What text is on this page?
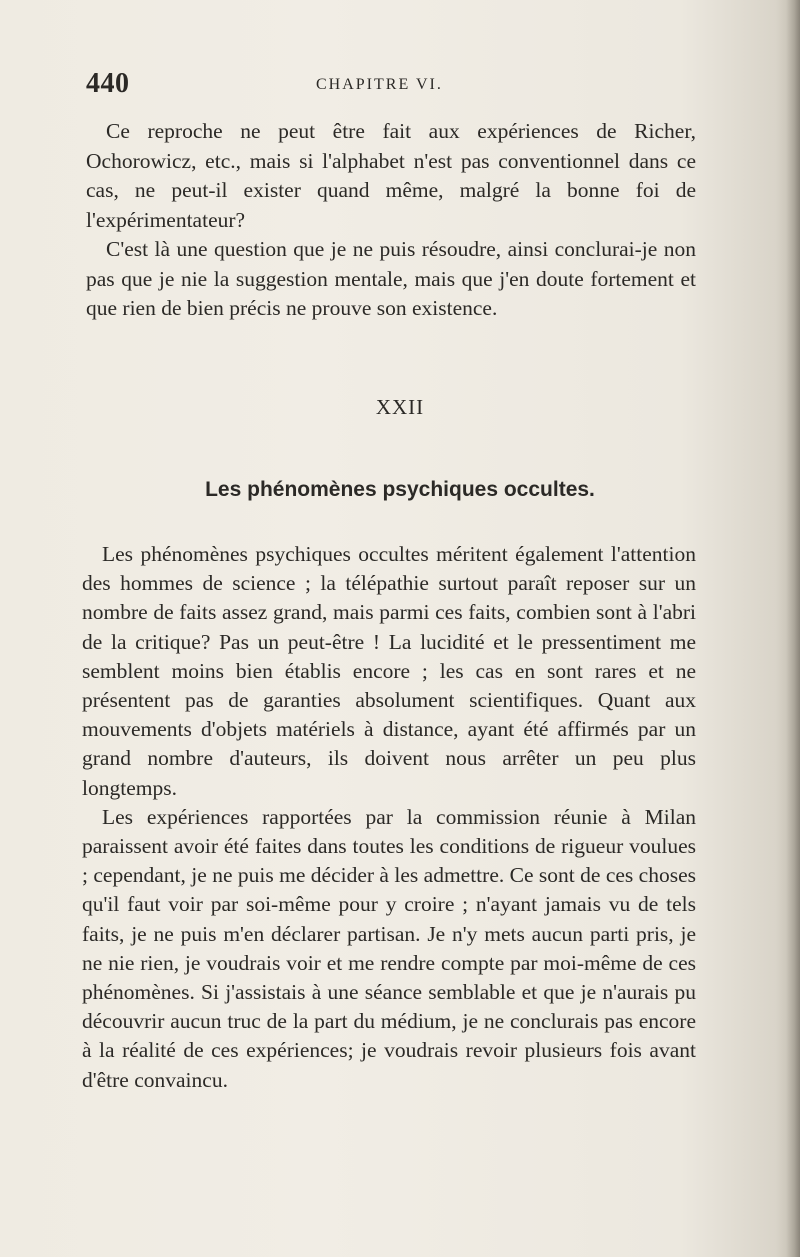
440	CHAPITRE VI.

Ce reproche ne peut être fait aux expériences de Richer, Ochorowicz, etc., mais si l'alphabet n'est pas conventionnel dans ce cas, ne peut-il exister quand même, malgré la bonne foi de l'expérimentateur?

C'est là une question que je ne puis résoudre, ainsi conclurai-je non pas que je nie la suggestion mentale, mais que j'en doute fortement et que rien de bien précis ne prouve son existence.

XXII
Les phénomènes psychiques occultes.

Les phénomènes psychiques occultes méritent également l'attention des hommes de science ; la télépathie surtout paraît reposer sur un nombre de faits assez grand, mais parmi ces faits, combien sont à l'abri de la critique? Pas un peut-être ! La lucidité et le pressentiment me semblent moins bien établis encore ; les cas en sont rares et ne présentent pas de garanties absolument scientifiques. Quant aux mouvements d'objets matériels à distance, ayant été affirmés par un grand nombre d'auteurs, ils doivent nous arrêter un peu plus longtemps.

Les expériences rapportées par la commission réunie à Milan paraissent avoir été faites dans toutes les conditions de rigueur voulues ; cependant, je ne puis me décider à les admettre. Ce sont de ces choses qu'il faut voir par soi-même pour y croire ; n'ayant jamais vu de tels faits, je ne puis m'en déclarer partisan. Je n'y mets aucun parti pris, je ne nie rien, je voudrais voir et me rendre compte par moi-même de ces phénomènes. Si j'assistais à une séance semblable et que je n'aurais pu découvrir aucun truc de la part du médium, je ne conclurais pas encore à la réalité de ces expériences; je voudrais revoir plusieurs fois avant d'être convaincu.
